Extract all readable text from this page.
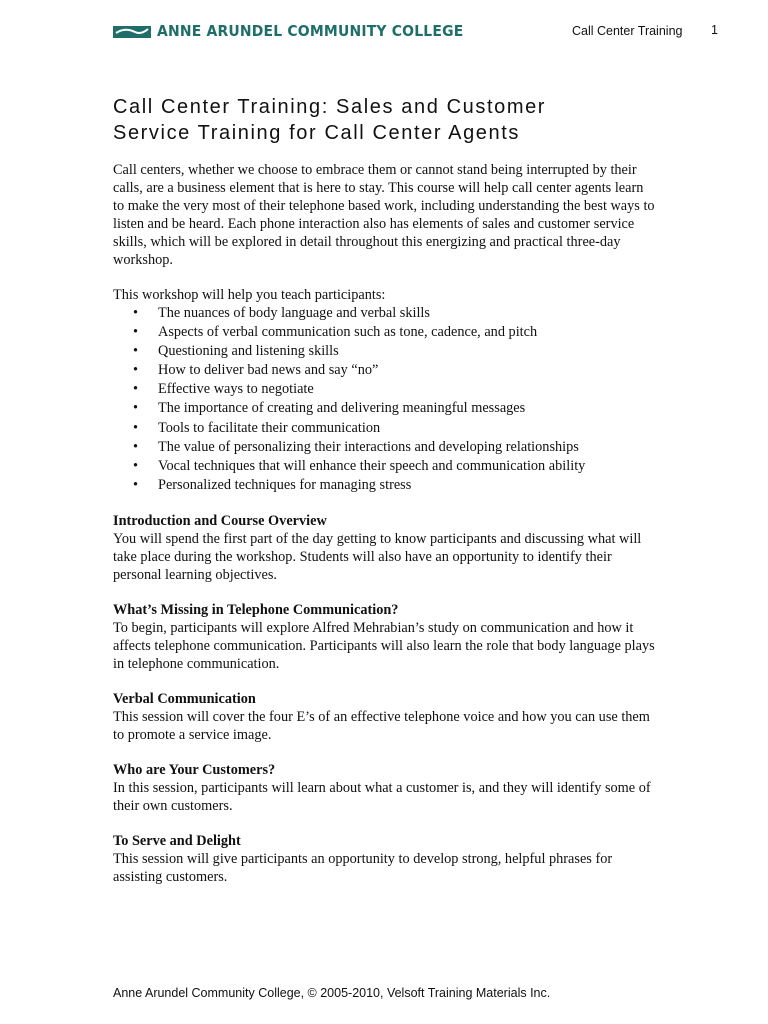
ANNE ARUNDEL COMMUNITY COLLEGE	Call Center Training 1
Call Center Training: Sales and Customer
Service Training for Call Center Agents

Call centers, whether we choose to embrace them or cannot stand being interrupted by their calls, are a business element that is here to stay. This course will help call center agents learn to make the very most of their telephone based work, including understanding the best ways to listen and be heard. Each phone interaction also has elements of sales and customer service skills, which will be explored in detail throughout this energizing and practical three-day workshop.

This workshop will help you teach participants:

• The nuances of body language and verbal skills
• Aspects of verbal communication such as tone, cadence, and pitch
• Questioning and listening skills
• How to deliver bad news and say “no”
• Effective ways to negotiate
• The importance of creating and delivering meaningful messages
• Tools to facilitate their communication
• The value of personalizing their interactions and developing relationships
• Vocal techniques that will enhance their speech and communication ability
• Personalized techniques for managing stress
Introduction and Course Overview

You will spend the first part of the day getting to know participants and discussing what will take place during the workshop. Students will also have an opportunity to identify their personal learning objectives.

What’s Missing in Telephone Communication?

To begin, participants will explore Alfred Mehrabian’s study on communication and how it affects telephone communication. Participants will also learn the role that body language plays in telephone communication.

Verbal Communication

This session will cover the four E’s of an effective telephone voice and how you can use them to promote a service image.

Who are Your Customers?

In this session, participants will learn about what a customer is, and they will identify some of their own customers.

To Serve and Delight

This session will give participants an opportunity to develop strong, helpful phrases for assisting customers.

Anne Arundel Community College, © 2005-2010, Velsoft Training Materials Inc.
